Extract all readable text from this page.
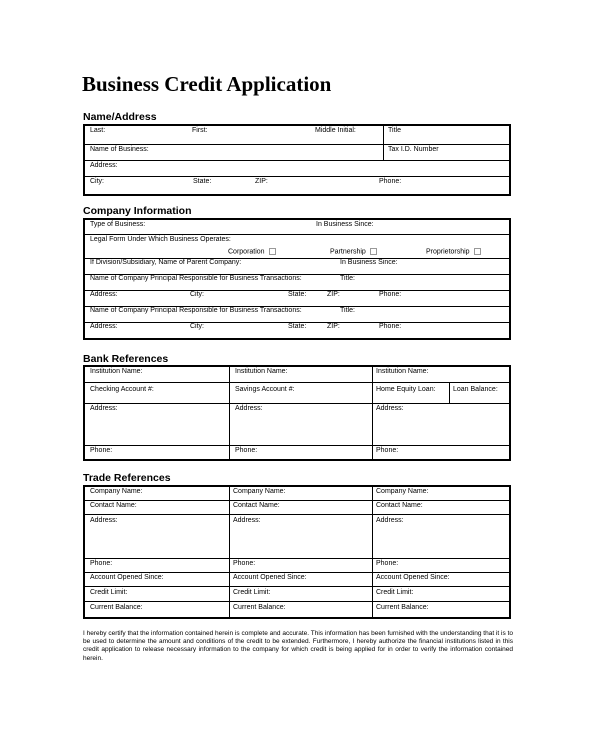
Business Credit Application
Name/Address
Last:	First:	Middle Initial:	Title
Name of Business:	Tax I.D. Number
Address:
City:	State:	ZIP:	Phone:
Company Information
Type of Business:	In Business Since:
Legal Form Under Which Business Operates:
Corporation	Partnership	Proprietorship
If Division/Subsidiary, Name of Parent Company:	In Business Since:
Name of Company Principal Responsible for Business Transactions:	Title:
Address:	City:	State:	ZIP:	Phone:
Name of Company Principal Responsible for Business Transactions:	Title:
Address:	City:	State:	ZIP:	Phone:
Bank References
Institution Name:	Institution Name:	Institution Name:
Checking Account #:	Savings Account #:	Home Equity Loan: Loan Balance:
Address:	Address:	Address:
Phone:	Phone:	Phone:
Trade References
Company Name:	Company Name:	Company Name:
Contact Name:	Contact Name:	Contact Name:
Address:	Address:	Address:
Phone:	Phone:	Phone:
Account Opened Since:	Account Opened Since:	Account Opened Since:
Credit Limit:	Credit Limit:	Credit Limit:
Current Balance:	Current Balance:	Current Balance:
I hereby certify that the information contained herein is complete and accurate. This information has been furnished with the understanding that it is to be used to determine the amount and conditions of the credit to be extended. Furthermore, I hereby authorize the financial institutions listed in this credit application to release necessary information to the company for which credit is being applied for in order to verify the information contained herein.
